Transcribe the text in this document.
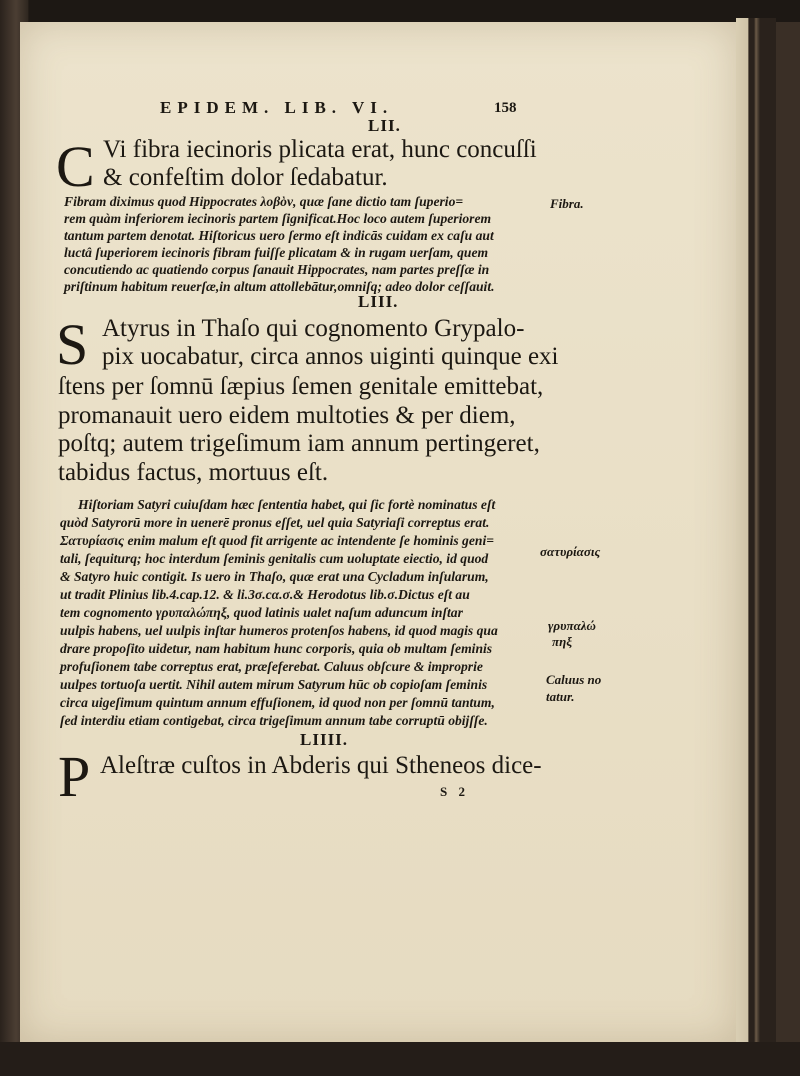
EPIDEM. LIB. VI.	158
LII.
C Vi fibra iecinoris plicata erat, hunc concuſſi
& confeſtim dolor ſedabatur.
Fibram diximus quod Hippocrates λοβὸν, quæ ſane dictio tam ſuperio=
rem quàm inferiorem iecinoris partem ſignificat.Hoc loco autem ſuperiorem
tantum partem denotat. Hiſtoricus uero ſermo eſt indicās cuidam ex caſu aut
luctâ ſuperiorem iecinoris fibram fuiſſe plicatam & in rugam uerſam, quem
concutiendo ac quatiendo corpus ſanauit Hippocrates, nam partes preſſæ in
priſtinum habitum reuerſæ,in altum attollebātur,omniſq; adeo dolor ceſſauit.
Fibra.
LIII.
S Atyrus in Thaſo qui cognomento Grypalo-
pix uocabatur, circa annos uiginti quinque exi
ſtens per ſomnū ſæpius ſemen genitale emittebat,
promanauit uero eidem multoties & per diem,
poſtq; autem trigeſimum iam annum pertingeret,
tabidus factus, mortuus eſt.
Hiſtoriam Satyri cuiuſdam hæc ſententia habet, qui ſic fortè nominatus eſt
quòd Satyrorū more in uenerē pronus eſſet, uel quia Satyriaſi correptus erat.
Σατυρίασις enim malum eſt quod fit arrigente ac intendente ſe hominis geni=
tali, ſequiturq; hoc interdum ſeminis genitalis cum uoluptate eiectio, id quod
& Satyro huic contigit. Is uero in Thaſo, quæ erat una Cycladum inſularum,
ut tradit Plinius lib.4.cap.12. & li.3σ.cα.σ.& Herodotus lib.σ.Dictus eſt au
tem cognomento γρυπαλώπηξ, quod latinis ualet naſum aduncum inſtar
uulpis habens, uel uulpis inſtar humeros protenſos habens, id quod magis qua
drare propoſito uidetur, nam habitum hunc corporis, quia ob multam ſeminis
profuſionem tabe correptus erat, præſeferebat. Caluus obſcure & improprie
uulpes tortuoſa uertit. Nihil autem mirum Satyrum hūc ob copioſam ſeminis
circa uigeſimum quintum annum effuſionem, id quod non per ſomnū tantum,
ſed interdiu etiam contigebat, circa trigeſimum annum tabe corruptū obijſſe.
σατυρίασις
γρυπαλώ
πηξ
Caluus no
tatur.
LIIII.
P Aleſtræ cuſtos in Abderis qui Stheneos dice-
S 2
